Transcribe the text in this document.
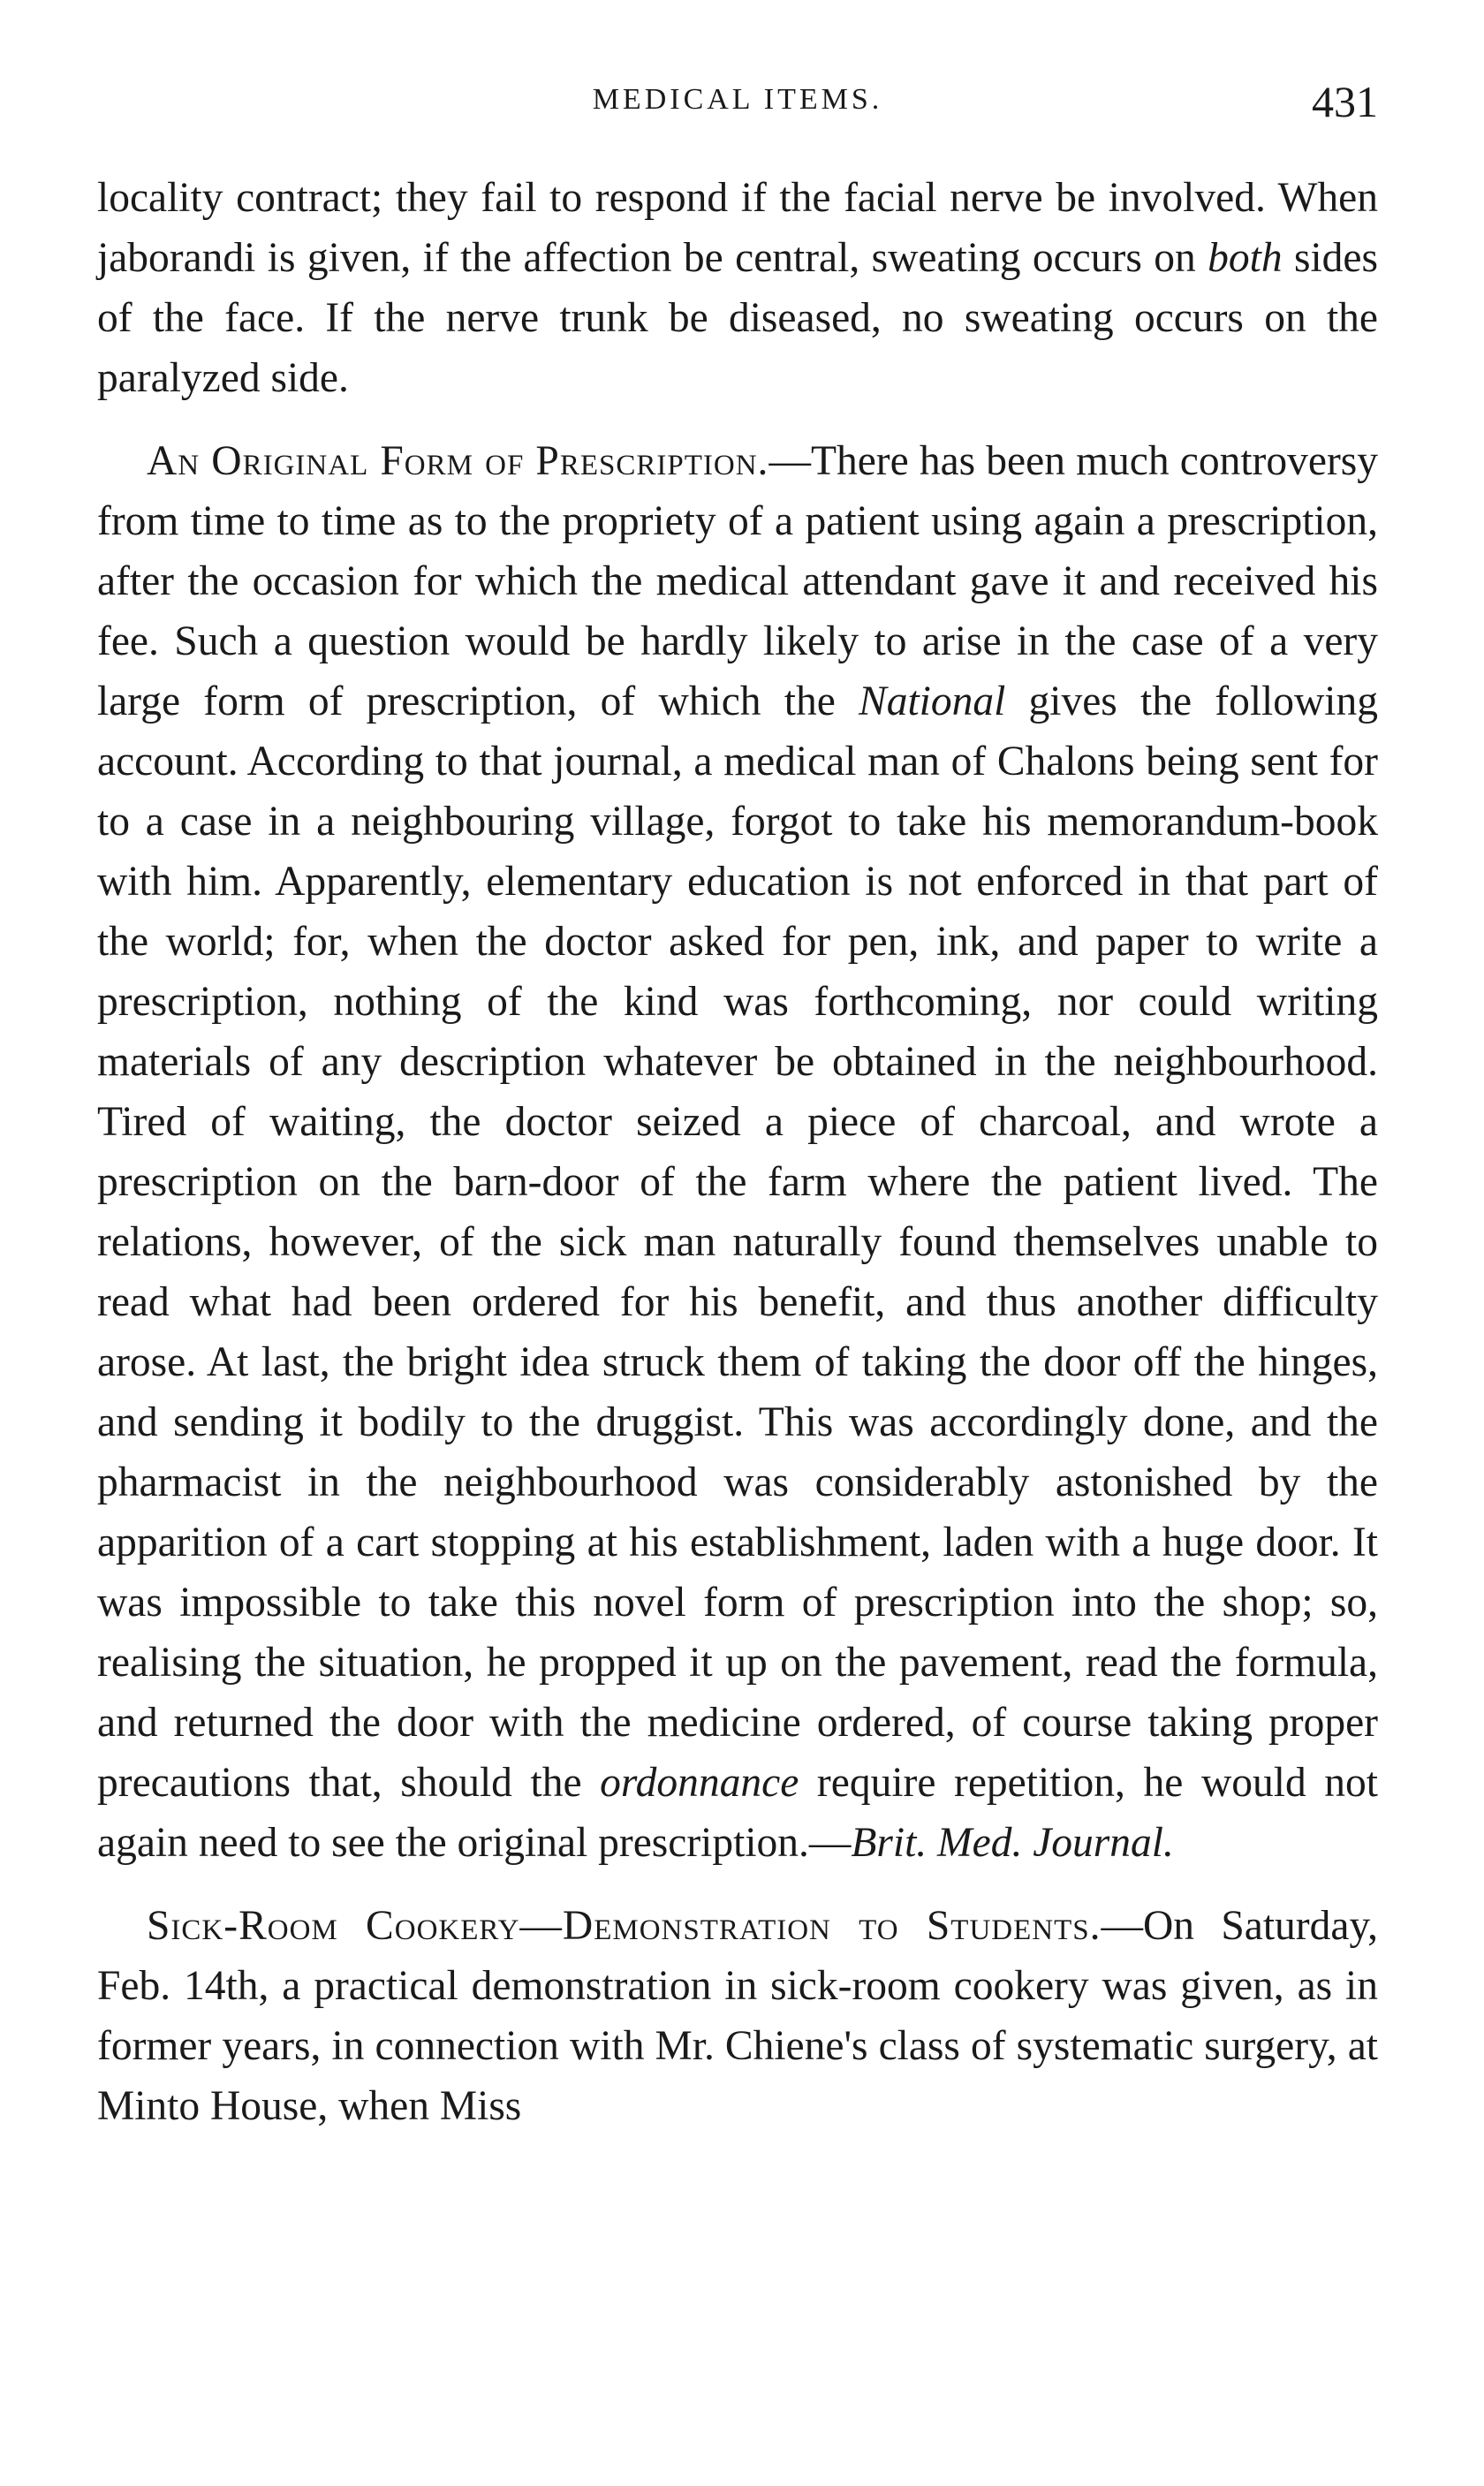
MEDICAL ITEMS.	431

locality contract; they fail to respond if the facial nerve be involved. When jaborandi is given, if the affection be central, sweating occurs on both sides of the face. If the nerve trunk be diseased, no sweating occurs on the paralyzed side.

An Original Form of Prescription.—There has been much controversy from time to time as to the propriety of a patient using again a prescription, after the occasion for which the medical attendant gave it and received his fee. Such a question would be hardly likely to arise in the case of a very large form of prescription, of which the National gives the following account. According to that journal, a medical man of Chalons being sent for to a case in a neighbouring village, forgot to take his memorandum-book with him. Apparently, elementary education is not enforced in that part of the world; for, when the doctor asked for pen, ink, and paper to write a prescription, nothing of the kind was forthcoming, nor could writing materials of any description whatever be obtained in the neighbourhood. Tired of waiting, the doctor seized a piece of charcoal, and wrote a prescription on the barn-door of the farm where the patient lived. The relations, however, of the sick man naturally found themselves unable to read what had been ordered for his benefit, and thus another difficulty arose. At last, the bright idea struck them of taking the door off the hinges, and sending it bodily to the druggist. This was accordingly done, and the pharmacist in the neighbourhood was considerably astonished by the apparition of a cart stopping at his establishment, laden with a huge door. It was impossible to take this novel form of prescription into the shop; so, realising the situation, he propped it up on the pavement, read the formula, and returned the door with the medicine ordered, of course taking proper precautions that, should the ordonnance require repetition, he would not again need to see the original prescription.—Brit. Med. Journal.

Sick-Room Cookery—Demonstration to Students.—On Saturday, Feb. 14th, a practical demonstration in sick-room cookery was given, as in former years, in connection with Mr. Chiene's class of systematic surgery, at Minto House, when Miss
